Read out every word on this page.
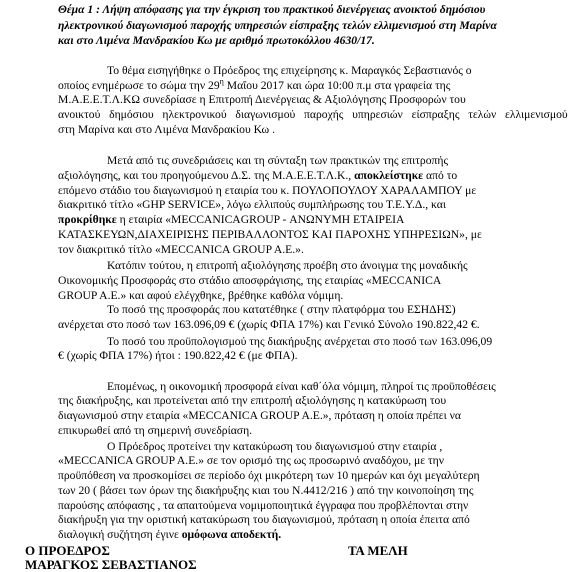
Θέμα 1 : Λήψη απόφασης για την έγκριση του πρακτικού διενέργειας ανοικτού δημόσιου

ηλεκτρονικού διαγωνισμού παροχής υπηρεσιών είσπραξης τελών ελλιμενισμού στη Μαρίνα

και στο Λιμένα Μανδρακίου Κω με αριθμό πρωτοκόλλου 4630/17.

Το θέμα εισηγήθηκε ο Πρόεδρος της επιχείρησης κ. Μαραγκός Σεβαστιανός ο

οποίος ενημέρωσε το σώμα την $29^\eta$ Μαΐου 2017 και ώρα 10:00 π.μ στα γραφεία της

Μ.Α.Ε.Ε.Τ.Λ.ΚΩ συνεδρίασε η Επιτροπή Διενέργειας & Αξιολόγησης Προσφορών του

ανοικτού δημόσιου ηλεκτρονικού διαγωνισμού παροχής υπηρεσιών είσπραξης τελών ελλιμενισμού

στη Μαρίνα και στο Λιμένα Μανδρακίου Κω .

Μετά από τις συνεδριάσεις και τη σύνταξη των πρακτικών της επιτροπής

αξιολόγησης, και του προηγούμενου Δ.Σ. της Μ.Α.Ε.Ε.Τ.Λ.Κ., αποκλείστηκε από το

επόμενο στάδιο του διαγωνισμού η εταιρία του κ. ΠΟΥΛΟΠΟΥΛΟΥ ΧΑΡΑΛΑΜΠΟΥ με

διακριτικό τίτλο «GHP SERVICE», λόγω ελλιπούς συμπλήρωσης του Τ.Ε.Υ.Δ., και

προκρίθηκε η εταιρία «MECCANICAGROUP - ΑΝΩΝΥΜΗ ΕΤΑΙΡΕΙΑ

ΚΑΤΑΣΚΕΥΩΝ,ΔΙΑΧΕΙΡΙΣΗΣ ΠΕΡΙΒΑΛΛΟΝΤΟΣ ΚΑΙ ΠΑΡΟΧΗΣ ΥΠΗΡΕΣΙΩΝ», με

τον διακριτικό τίτλο «MECCANICA GROUP A.E.».

Κατόπιν τούτου, η επιτροπή αξιολόγησης προέβη στο άνοιγμα της μοναδικής

Οικονομικής Προσφοράς στο στάδιο αποσφράγισης, της εταιρίας «MECCANICA

GROUP A.E.» και αφού ελέγχθηκε, βρέθηκε καθόλα νόμιμη.

Το ποσό της προσφοράς που κατατέθηκε ( στην πλατφόρμα του ΕΣΗΔΗΣ)

ανέρχεται στο ποσό των 163.096,09 € (χωρίς ΦΠΑ 17%) και Γενικό Σύνολο 190.822,42 €.

Το ποσό του προϋπολογισμού της διακήρυξης ανέρχεται στο ποσό των 163.096,09

€ (χωρίς ΦΠΑ 17%) ήτοι : 190.822,42 € (με ΦΠΑ).

Επομένως, η οικονομική προσφορά είναι καθ΄όλα νόμιμη, πληροί τις προϋποθέσεις

της διακήρυξης, και προτείνεται από την επιτροπή αξιολόγησης η κατακύρωση του

διαγωνισμού στην εταιρία «MECCANICA GROUP A.E.», πρόταση η οποία πρέπει να

επικυρωθεί από τη σημερινή συνεδρίαση.

Ο Πρόεδρος προτείνει την κατακύρωση του διαγωνισμού στην εταιρία ,

«MECCANICA GROUP A.E.» σε τον ορισμό της ως προσωρινό αναδόχου, με την

προϋπόθεση να προσκομίσει σε περίοδο όχι μικρότερη των 10 ημερών και όχι μεγαλύτερη

των 20 ( βάσει των όρων της διακήρυξης κιαι του Ν.4412/216 ) από την κοινοποίηση της

παρούσης απόφασης , τα απαιτούμενα νομιμοποιητικά έγγραφα που προβλέπονται στην

διακήρυξη για την οριστική κατακύρωση του διαγωνισμού, πρόταση η οποία έπειτα από

διαλογική συζήτηση έγινε ομόφωνα αποδεκτή.

Ο ΠΡΟΕΔΡΟΣ

ΜΑΡΑΓΚΟΣ ΣΕΒΑΣΤΙΑΝΟΣ

ΤΑ ΜΕΛΗ
